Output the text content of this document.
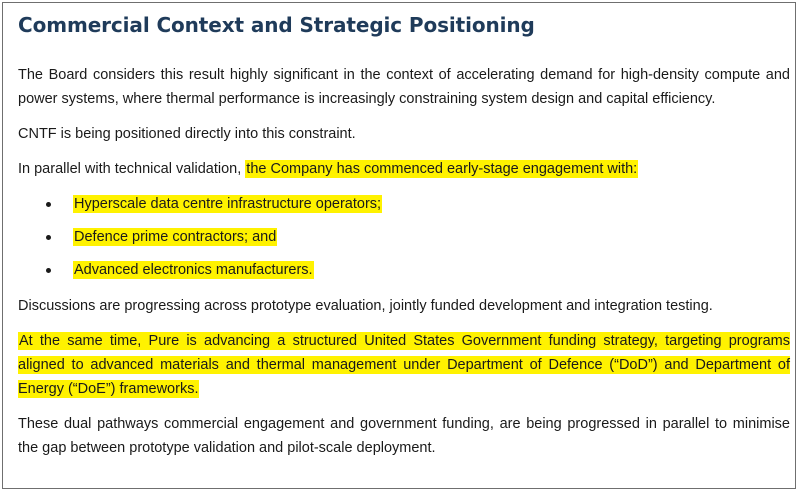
Commercial Context and Strategic Positioning

The Board considers this result highly significant in the context of accelerating demand for high-density compute and power systems, where thermal performance is increasingly constraining system design and capital efficiency.

CNTF is being positioned directly into this constraint.

In parallel with technical validation, the Company has commenced early-stage engagement with:

Hyperscale data centre infrastructure operators;
Defence prime contractors; and
Advanced electronics manufacturers.

Discussions are progressing across prototype evaluation, jointly funded development and integration testing.

At the same time, Pure is advancing a structured United States Government funding strategy, targeting programs aligned to advanced materials and thermal management under Department of Defence (“DoD”) and Department of Energy (“DoE”) frameworks.

These dual pathways commercial engagement and government funding, are being progressed in parallel to minimise the gap between prototype validation and pilot-scale deployment.
